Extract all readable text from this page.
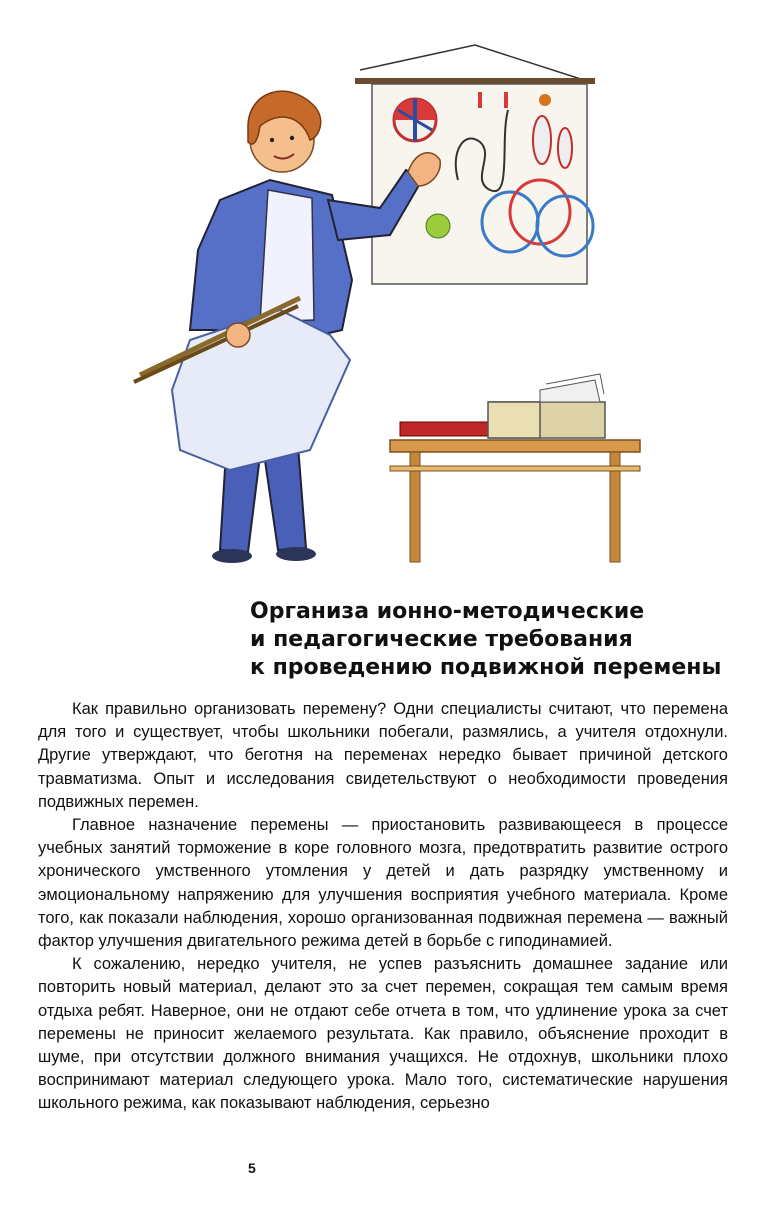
Организа ионно-методические
и педагогические требования
к проведению подвижной перемены

Как правильно организовать перемену? Одни специалисты считают, что перемена для того и существует, чтобы школьники побегали, размялись, а учителя отдохнули. Другие утверждают, что беготня на переменах нередко бывает причиной детского травматизма. Опыт и исследования свидетельствуют о необходимости проведения подвижных перемен.

Главное назначение перемены — приостановить развивающееся в процессе учебных занятий торможение в коре головного мозга, предотвратить развитие острого хронического умственного утомления у детей и дать разрядку умственному и эмоциональному напряжению для улучшения восприятия учебного материала. Кроме того, как показали наблюдения, хорошо организованная подвижная перемена — важный фактор улучшения двигательного режима детей в борьбе с гиподинамией.

К сожалению, нередко учителя, не успев разъяснить домашнее задание или повторить новый материал, делают это за счет перемен, сокращая тем самым время отдыха ребят. Наверное, они не отдают себе отчета в том, что удлинение урока за счет перемены не приносит желаемого результата. Как правило, объяснение проходит в шуме, при отсутствии должного внимания учащихся. Не отдохнув, школьники плохо воспринимают материал следующего урока. Мало того, систематические нарушения школьного режима, как показывают наблюдения, серьезно

5
